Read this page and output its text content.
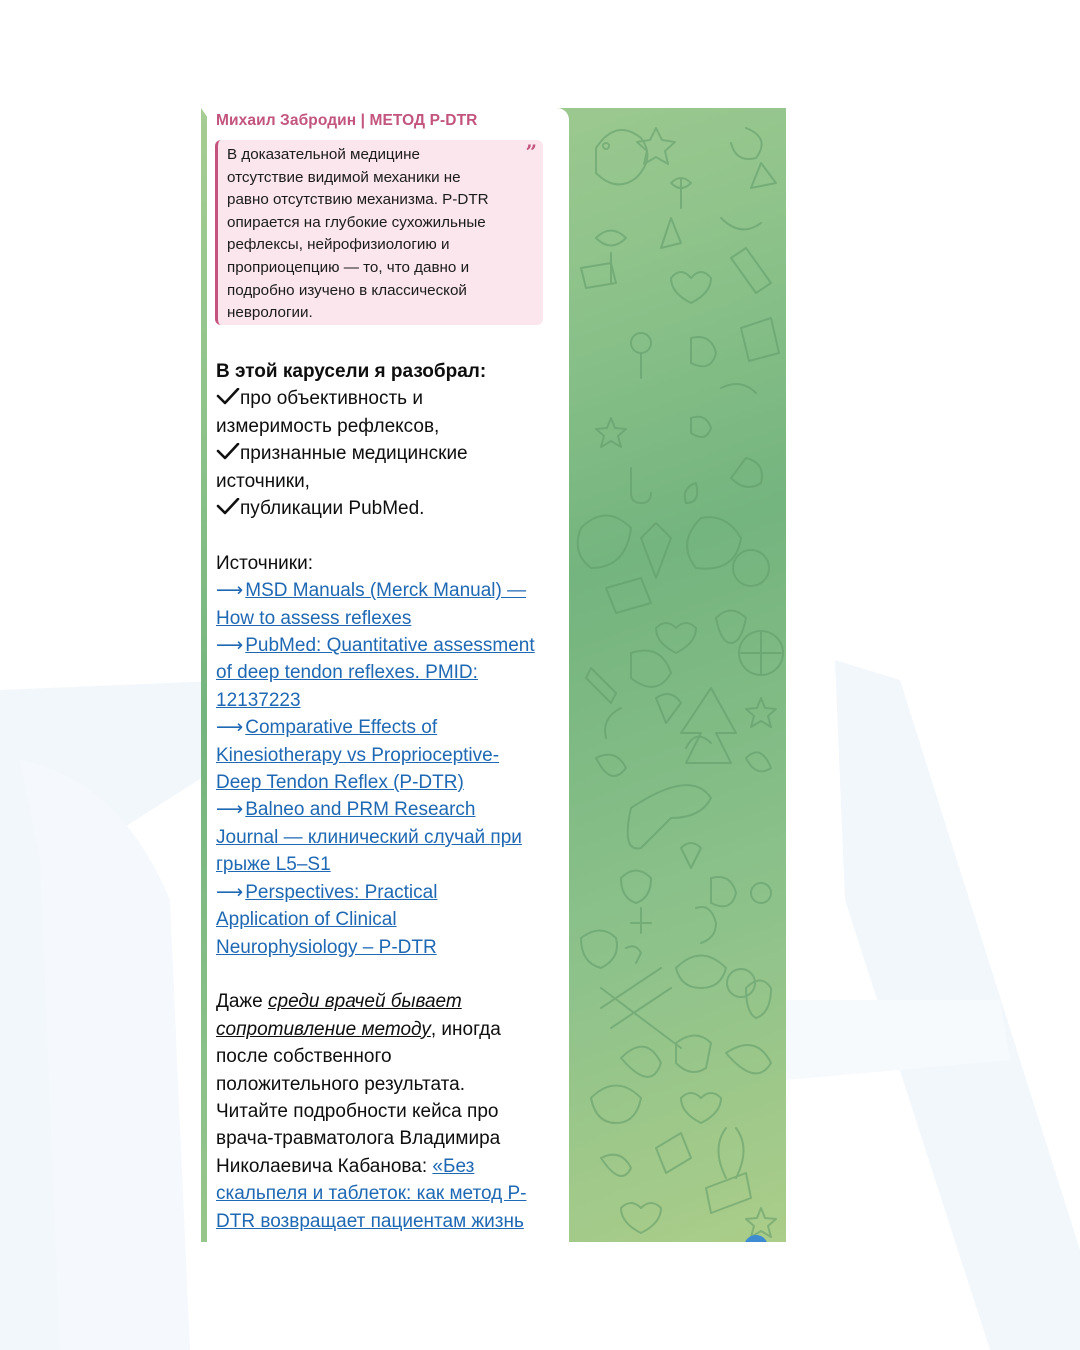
Михаил Забродин | МЕТОД P-DTR
”
В доказательной медицине
отсутствие видимой механики не
равно отсутствию механизма. P-DTR
опирается на глубокие сухожильные
рефлексы, нейрофизиологию и
проприоцепцию — то, что давно и
подробно изучено в классической
неврологии.
В этой карусели я разобрал:
про объективность и
измеримость рефлексов,
признанные медицинские
источники,
публикации PubMed.
Источники:
⟶ MSD Manuals (Merck Manual) —
How to assess reflexes
⟶ PubMed: Quantitative assessment
of deep tendon reflexes. PMID:
12137223
⟶ Comparative Effects of
Kinesiotherapy vs Proprioceptive-
Deep Tendon Reflex (P-DTR)
⟶ Balneo and PRM Research
Journal — клинический случай при
грыже L5–S1
⟶ Perspectives: Practical
Application of Clinical
Neurophysiology – P-DTR
Даже среди врачей бывает
сопротивление методу, иногда
после собственного
положительного результата.
Читайте подробности кейса про
врача-травматолога Владимира
Николаевича Кабанова: «Без
скальпеля и таблеток: как метод P-
DTR возвращает пациентам жизнь
